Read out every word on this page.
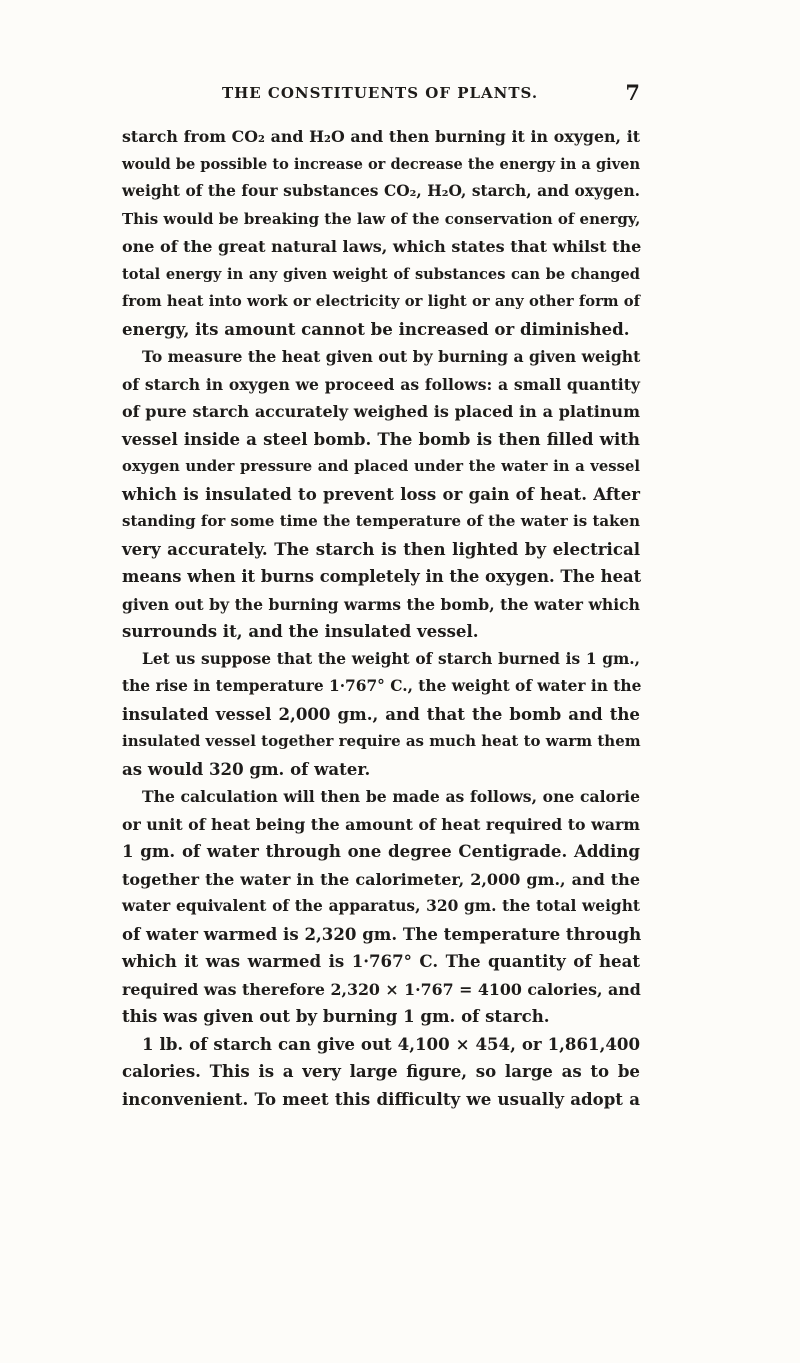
THE CONSTITUENTS OF PLANTS.	7
starch from CO₂ and H₂O and then burning it in oxygen, it
would be possible to increase or decrease the energy in a given
weight of the four substances CO₂, H₂O, starch, and oxygen.
This would be breaking the law of the conservation of energy,
one of the great natural laws, which states that whilst the
total energy in any given weight of substances can be changed
from heat into work or electricity or light or any other form of
energy, its amount cannot be increased or diminished.
To measure the heat given out by burning a given weight
of starch in oxygen we proceed as follows: a small quantity
of pure starch accurately weighed is placed in a platinum
vessel inside a steel bomb. The bomb is then filled with
oxygen under pressure and placed under the water in a vessel
which is insulated to prevent loss or gain of heat. After
standing for some time the temperature of the water is taken
very accurately. The starch is then lighted by electrical
means when it burns completely in the oxygen. The heat
given out by the burning warms the bomb, the water which
surrounds it, and the insulated vessel.
Let us suppose that the weight of starch burned is 1 gm.,
the rise in temperature 1·767° C., the weight of water in the
insulated vessel 2,000 gm., and that the bomb and the
insulated vessel together require as much heat to warm them
as would 320 gm. of water.
The calculation will then be made as follows, one calorie
or unit of heat being the amount of heat required to warm
1 gm. of water through one degree Centigrade. Adding
together the water in the calorimeter, 2,000 gm., and the
water equivalent of the apparatus, 320 gm. the total weight
of water warmed is 2,320 gm. The temperature through
which it was warmed is 1·767° C. The quantity of heat
required was therefore 2,320 × 1·767 = 4100 calories, and
this was given out by burning 1 gm. of starch.
1 lb. of starch can give out 4,100 × 454, or 1,861,400
calories. This is a very large figure, so large as to be
inconvenient. To meet this difficulty we usually adopt a
